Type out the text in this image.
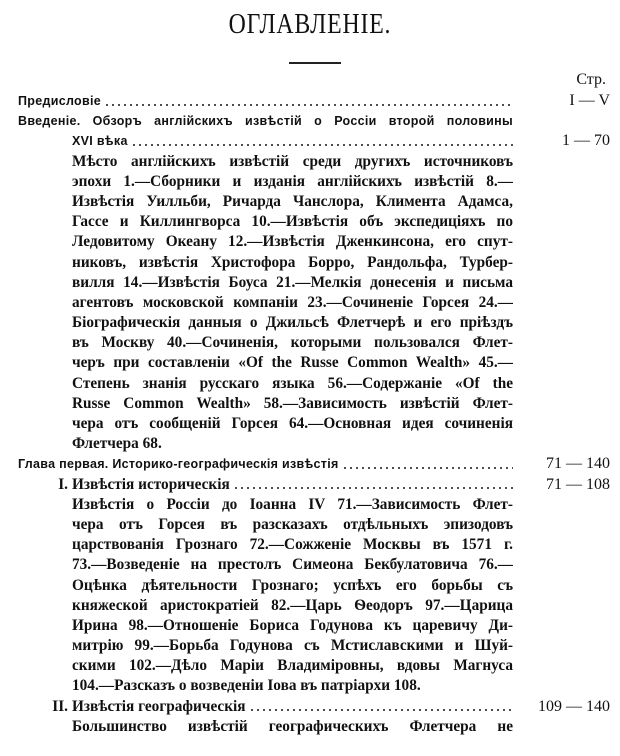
ОГЛАВЛЕНІЕ.
Стр.
Предисловіе	I — V
Введеніе. Обзоръ англійскихъ извѣстій о Россіи второй половины
XVI вѣка	1 — 70
Мѣсто англійскихъ извѣстій среди другихъ источниковъ
эпохи 1.—Сборники и изданія англійскихъ извѣстій 8.—
Извѣстія Уилльби, Ричарда Чанслора, Климента Адамса,
Гассе и Киллингворса 10.—Извѣстія объ экспедиціяхъ по
Ледовитому Океану 12.—Извѣстія Дженкинсона, его спут-
никовъ, извѣстія Христофора Борро, Рандольфа, Турбер-
вилля 14.—Извѣстія Боуса 21.—Мелкія донесенія и письма
агентовъ московской компаніи 23.—Сочиненіе Горсея 24.—
Біографическія данныя о Джильсѣ Флетчерѣ и его пріѣздъ
въ Москву 40.—Сочиненія, которыми пользовался Флет-
черъ при составленіи «Of the Russe Common Wealth» 45.—
Степень знанія русскаго языка 56.—Содержаніе «Of the
Russe Common Wealth» 58.—Зависимость извѣстій Флет-
чера отъ сообщеній Горсея 64.—Основная идея сочиненія
Флетчера 68.
Глава первая. Историко-географическія извѣстія	71 — 140
I. Извѣстія историческія	71 — 108
Извѣстія о Россіи до Іоанна IV 71.—Зависимость Флет-
чера отъ Горсея въ разсказахъ отдѣльныхъ эпизодовъ
царствованія Грознаго 72.—Сожженіе Москвы въ 1571 г.
73.—Возведеніе на престолъ Симеона Бекбулатовича 76.—
Оцѣнка дѣятельности Грознаго; успѣхъ его борьбы съ
княжеской аристократіей 82.—Царь Ѳеодоръ 97.—Царица
Ирина 98.—Отношеніе Бориса Годунова къ царевичу Ди-
митрію 99.—Борьба Годунова съ Мстиславскими и Шуй-
скими 102.—Дѣло Маріи Владиміровны, вдовы Магнуса
104.—Разсказъ о возведеніи Іова въ патріархи 108.
II. Извѣстія географическія	109 — 140
Большинство извѣстій географическихъ Флетчера не
